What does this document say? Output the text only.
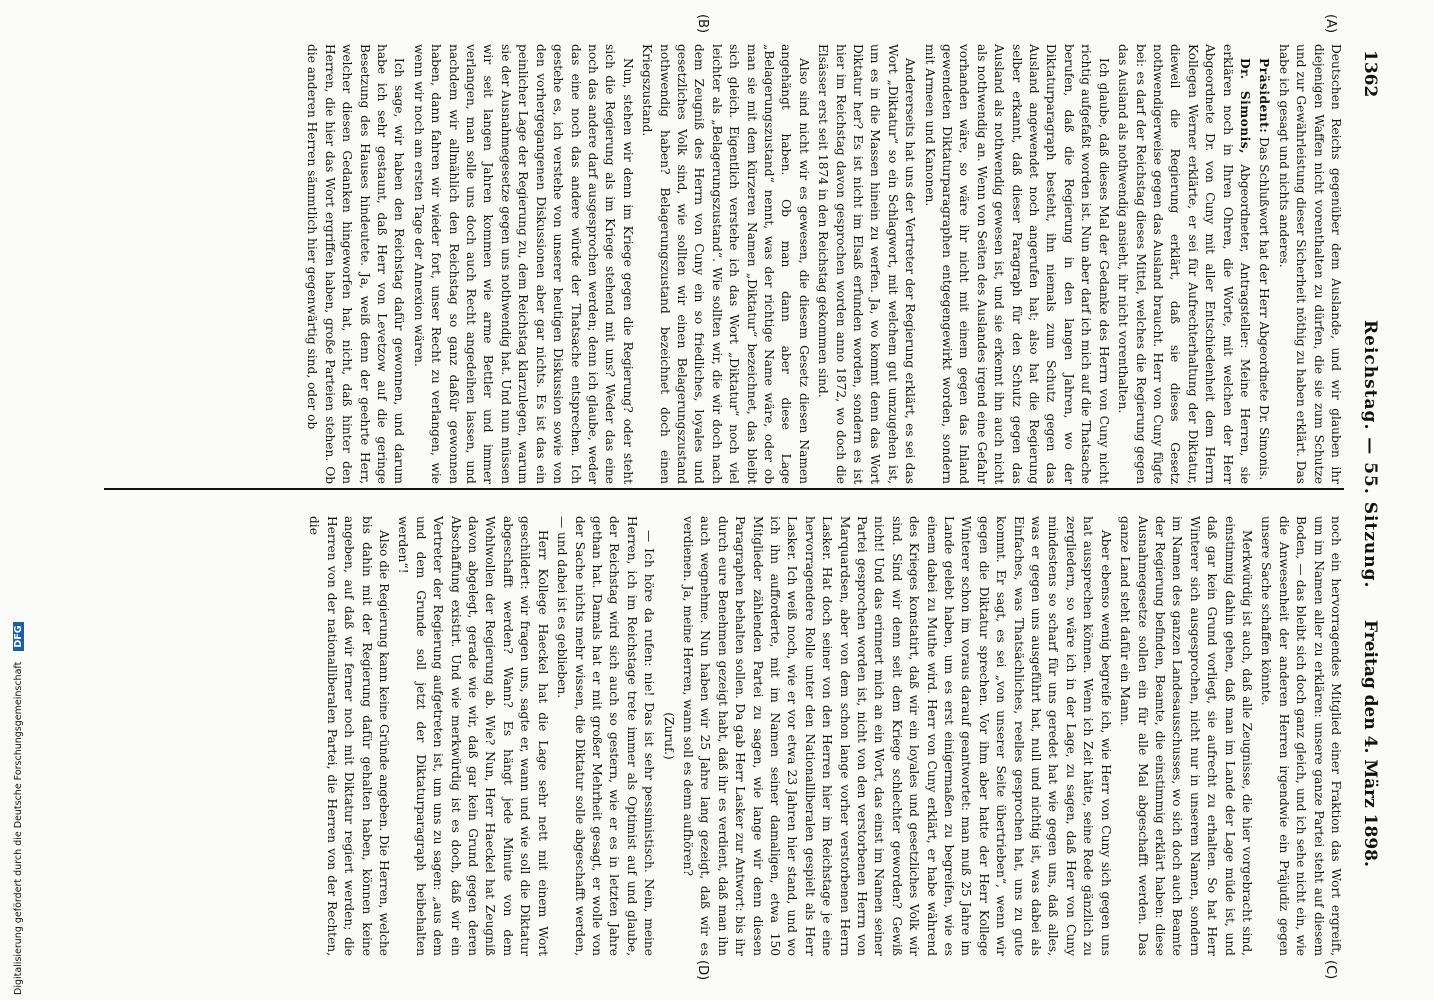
1362
Reichstag. — 55. Sitzung.
Freitag den 4. März 1898.
(A)
(B)
(C)
(D)

Deutschen Reichs gegenüber dem Auslande, und wir glauben ihr diejenigen Waffen nicht vorenthalten zu dürfen, die sie zum Schutze und zur Gewährleistung dieser Sicherheit nöthig zu haben erklärt. Das habe ich gesagt und nichts anderes.

Präsident: Das Schlußwort hat der Herr Abgeordnete Dr. Simonis.

Dr. Simonis, Abgeordneter, Antragsteller: Meine Herren, sie erklären noch in Ihren Ohren, die Worte, mit welchen der Herr Abgeordnete Dr. von Cuny mit aller Entschiedenheit dem Herrn Kollegen Werner erklärte, er sei für Aufrechterhaltung der Diktatur, dieweil die Regierung erklärt, daß sie dieses Gesetz nothwendigerweise gegen das Ausland braucht. Herr von Cuny fügte bei: es darf der Reichstag dieses Mittel, welches die Regierung gegen das Ausland als nothwendig ansieht, ihr nicht vorenthalten.

Ich glaube, daß dieses Mal der Gedanke des Herrn von Cuny nicht richtig aufgefaßt worden ist. Nun aber darf ich mich auf die Thatsache berufen, daß die Regierung in den langen Jahren, wo der Diktaturparagraph besteht, ihn niemals zum Schutz gegen das Ausland angewendet noch angerufen hat; also hat die Regierung selber erkannt, daß dieser Paragraph für den Schutz gegen das Ausland als nothwendig gewesen ist, und sie erkennt ihn auch nicht als nothwendig an. Wenn von Seiten des Auslandes irgend eine Gefahr vorhanden wäre, so wäre ihr nicht mit einem gegen das Inland gewendeten Diktaturparagraphen entgegengewirkt worden, sondern mit Armeen und Kanonen.

Andererseits hat uns der Vertreter der Regierung erklärt, es sei das Wort „Diktatur“ so ein Schlagwort, mit welchem gut umzugehen ist, um es in die Massen hinein zu werfen. Ja, wo kommt denn das Wort Diktatur her? Es ist nicht im Elsaß erfunden worden, sondern es ist hier im Reichstag davon gesprochen worden anno 1872, wo doch die Elsässer erst seit 1874 in den Reichstag gekommen sind.

Also sind nicht wir es gewesen, die diesem Gesetz diesen Namen angehängt haben. Ob man dann aber diese Lage „Belagerungszustand“ nennt, was der richtige Name wäre, oder ob man sie mit dem kürzeren Namen „Diktatur“ bezeichnet, das bleibt sich gleich. Eigentlich verstehe ich das Wort „Diktatur“ noch viel leichter als „Belagerungszustand“. Wie sollten wir, die wir doch nach dem Zeugniß des Herrn von Cuny ein so friedliches, loyales und gesetzliches Volk sind, wie sollten wir einen Belagerungszustand nothwendig haben? Belagerungszustand bezeichnet doch einen Kriegszustand.

Nun, stehen wir denn im Kriege gegen die Regierung? oder steht sich die Regierung als im Kriege stehend mit uns? Weder das eine noch das andere darf ausgesprochen werden; denn ich glaube, weder das eine noch das andere würde der Thatsache entsprechen. Ich gestehe es, ich verstehe von unserer heutigen Diskussion sowie von den vorhergegangenen Diskussionen aber gar nichts. Es ist das ein peinlicher Lage der Regierung zu, dem Reichstag klarzulegen, warum sie der Ausnahmegesetze gegen uns nothwendig hat. Und nun müssen wir seit langen Jahren kommen wie arme Bettler und immer verlangen, man solle uns doch auch Recht angedeihen lassen, und nachdem wir allmählich den Reichstag so ganz daßür gewonnen haben, dann fahren wir wieder fort, unser Recht zu verlangen, wie wenn wir noch am ersten Tage der Annexion wären.

Ich sage, wir haben den Reichstag dafür gewonnen, und darum habe ich sehr gestaunt, daß Herr von Levetzow auf die geringe Besetzung des Hauses hindeutete. Ja, weiß denn der geehrte Herr, welcher diesen Gedanken hingeworfen hat, nicht, daß hinter den Herren, die hier das Wort ergriffen haben, große Parteien stehen. Ob die anderen Herren sämmtlich hier gegenwärtig sind, oder ob

noch ein hervorragendes Mitglied einer Fraktion das Wort ergreift, um im Namen aller zu erklären: unsere ganze Partei steht auf diesem Boden, — das bleibt sich doch ganz gleich, und ich sehe nicht ein, wie die Anwesenheit der anderen Herren irgendwie ein Präjudiz gegen unsere Sache schaffen könnte.

Merkwürdig ist auch, daß alle Zeugnisse, die hier vorgebracht sind, einstimmig dahin gehen, daß man im Lande der Lage müde ist, und daß gar kein Grund vorliegt, sie aufrecht zu erhalten. So hat Herr Winterer sich ausgesprochen, nicht nur in unserem Namen, sondern im Namen des ganzen Landesausschusses, wo sich doch auch Beamte der Regierung befinden, Beamte, die einstimmig erklärt haben: diese Ausnahmegesetze sollen ein für alle Mal abgeschafft werden. Das ganze Land steht dafür ein Mann.

Aber ebenso wenig begreife ich, wie Herr von Cuny sich gegen uns hat aussprechen können. Wenn ich Zeit hätte, seine Rede gänzlich zu zergliedern, so wäre ich in der Lage, zu sagen, daß Herr von Cuny mindestens so scharf für uns geredet hat wie gegen uns, daß alles, was er gegen uns ausgeführt hat, null und nichtig ist, was dabei als Einfaches, was Thatsächliches, reelles gesprochen hat, uns zu gute kommt. Er sagt, es sei „von unserer Seite übertrieben“, wenn wir gegen die Diktatur sprechen. Vor ihm aber hatte der Herr Kollege Winterer schon im voraus darauf geantwortet: man muß 25 Jahre im Lande gelebt haben, um es erst einigermaßen zu begreifen, wie es einem dabei zu Muthe wird. Herr von Cuny erklärt, er habe während des Krieges konstatirt, daß wir ein loyales und gesetzliches Volk wir sind. Sind wir denn seit dem Kriege schlechter geworden? Gewiß nicht! Und das erinnert mich an ein Wort, das einst im Namen seiner Partei gesprochen worden ist, nicht von den verstorbenen Herrn von Marquardsen, aber von dem schon lange vorher verstorbenen Herrn Lasker. Hat doch seiner von den Herren hier im Reichstage je eine hervorragendere Rolle unter den Nationalliberalen gespielt als Herr Lasker. Ich weiß noch, wie er vor etwa 23 Jahren hier stand, und wo ich ihn aufforderte, mit im Namen seiner damaligen, etwa 150 Mitglieder zählenden Partei zu sagen, wie lange wir denn diesen Paragraphen behalten sollen. Da gab Herr Lasker zur Antwort: bis ihr durch eure Benehmen gezeigt habt, daß ihr es verdient, daß man ihn auch wegnehme. Nun haben wir 25 Jahre lang gezeigt, daß wir es verdienen. Ja, meine Herren, wann soll es denn aufhören?

(Zuruf.)

— Ich höre da rufen: nie! Das ist sehr pessimistisch. Nein, meine Herren, ich im Reichstage trete immer als Optimist auf und glaube, der Reichstag wird sich auch so gestern, wie er es in letzten Jahre gethan hat. Damals hat er mit großer Mehrheit gesagt, er wolle von der Sache nichts mehr wissen, die Diktatur solle abgeschafft werden, — und dabei ist es geblieben.

Herr Kollege Haeckel hat die Lage sehr nett mit einem Wort geschildert: wir fragen uns, sagte er, wann und wie soll die Diktatur abgeschafft werden? Wann? Es hängt jede Minute von dem Wohlwollen der Regierung ab. Wie? Nun, Herr Haeckel hat Zeugniß davon abgelegt, gerade wie wir, daß gar kein Grund gegen deren Abschaffung existirt. Und wie merkwürdig ist es doch, daß wir ein Vertreter der Regierung aufgetreten ist, um uns zu sagen: „aus dem und dem Grunde soll jetzt der Diktaturparagraph beibehalten werden“!

Also die Regierung kann keine Gründe angeben. Die Herren, welche bis dahin mit der Regierung dafür gehalten haben, können keine angeben, auf daß wir ferner noch mit Diktatur regiert werden; die Herren von der nationalliberalen Partei, die Herren von der Rechten, die

Digitalisierung gefördert durch die Deutsche Forschungsgemeinschaft DFG
